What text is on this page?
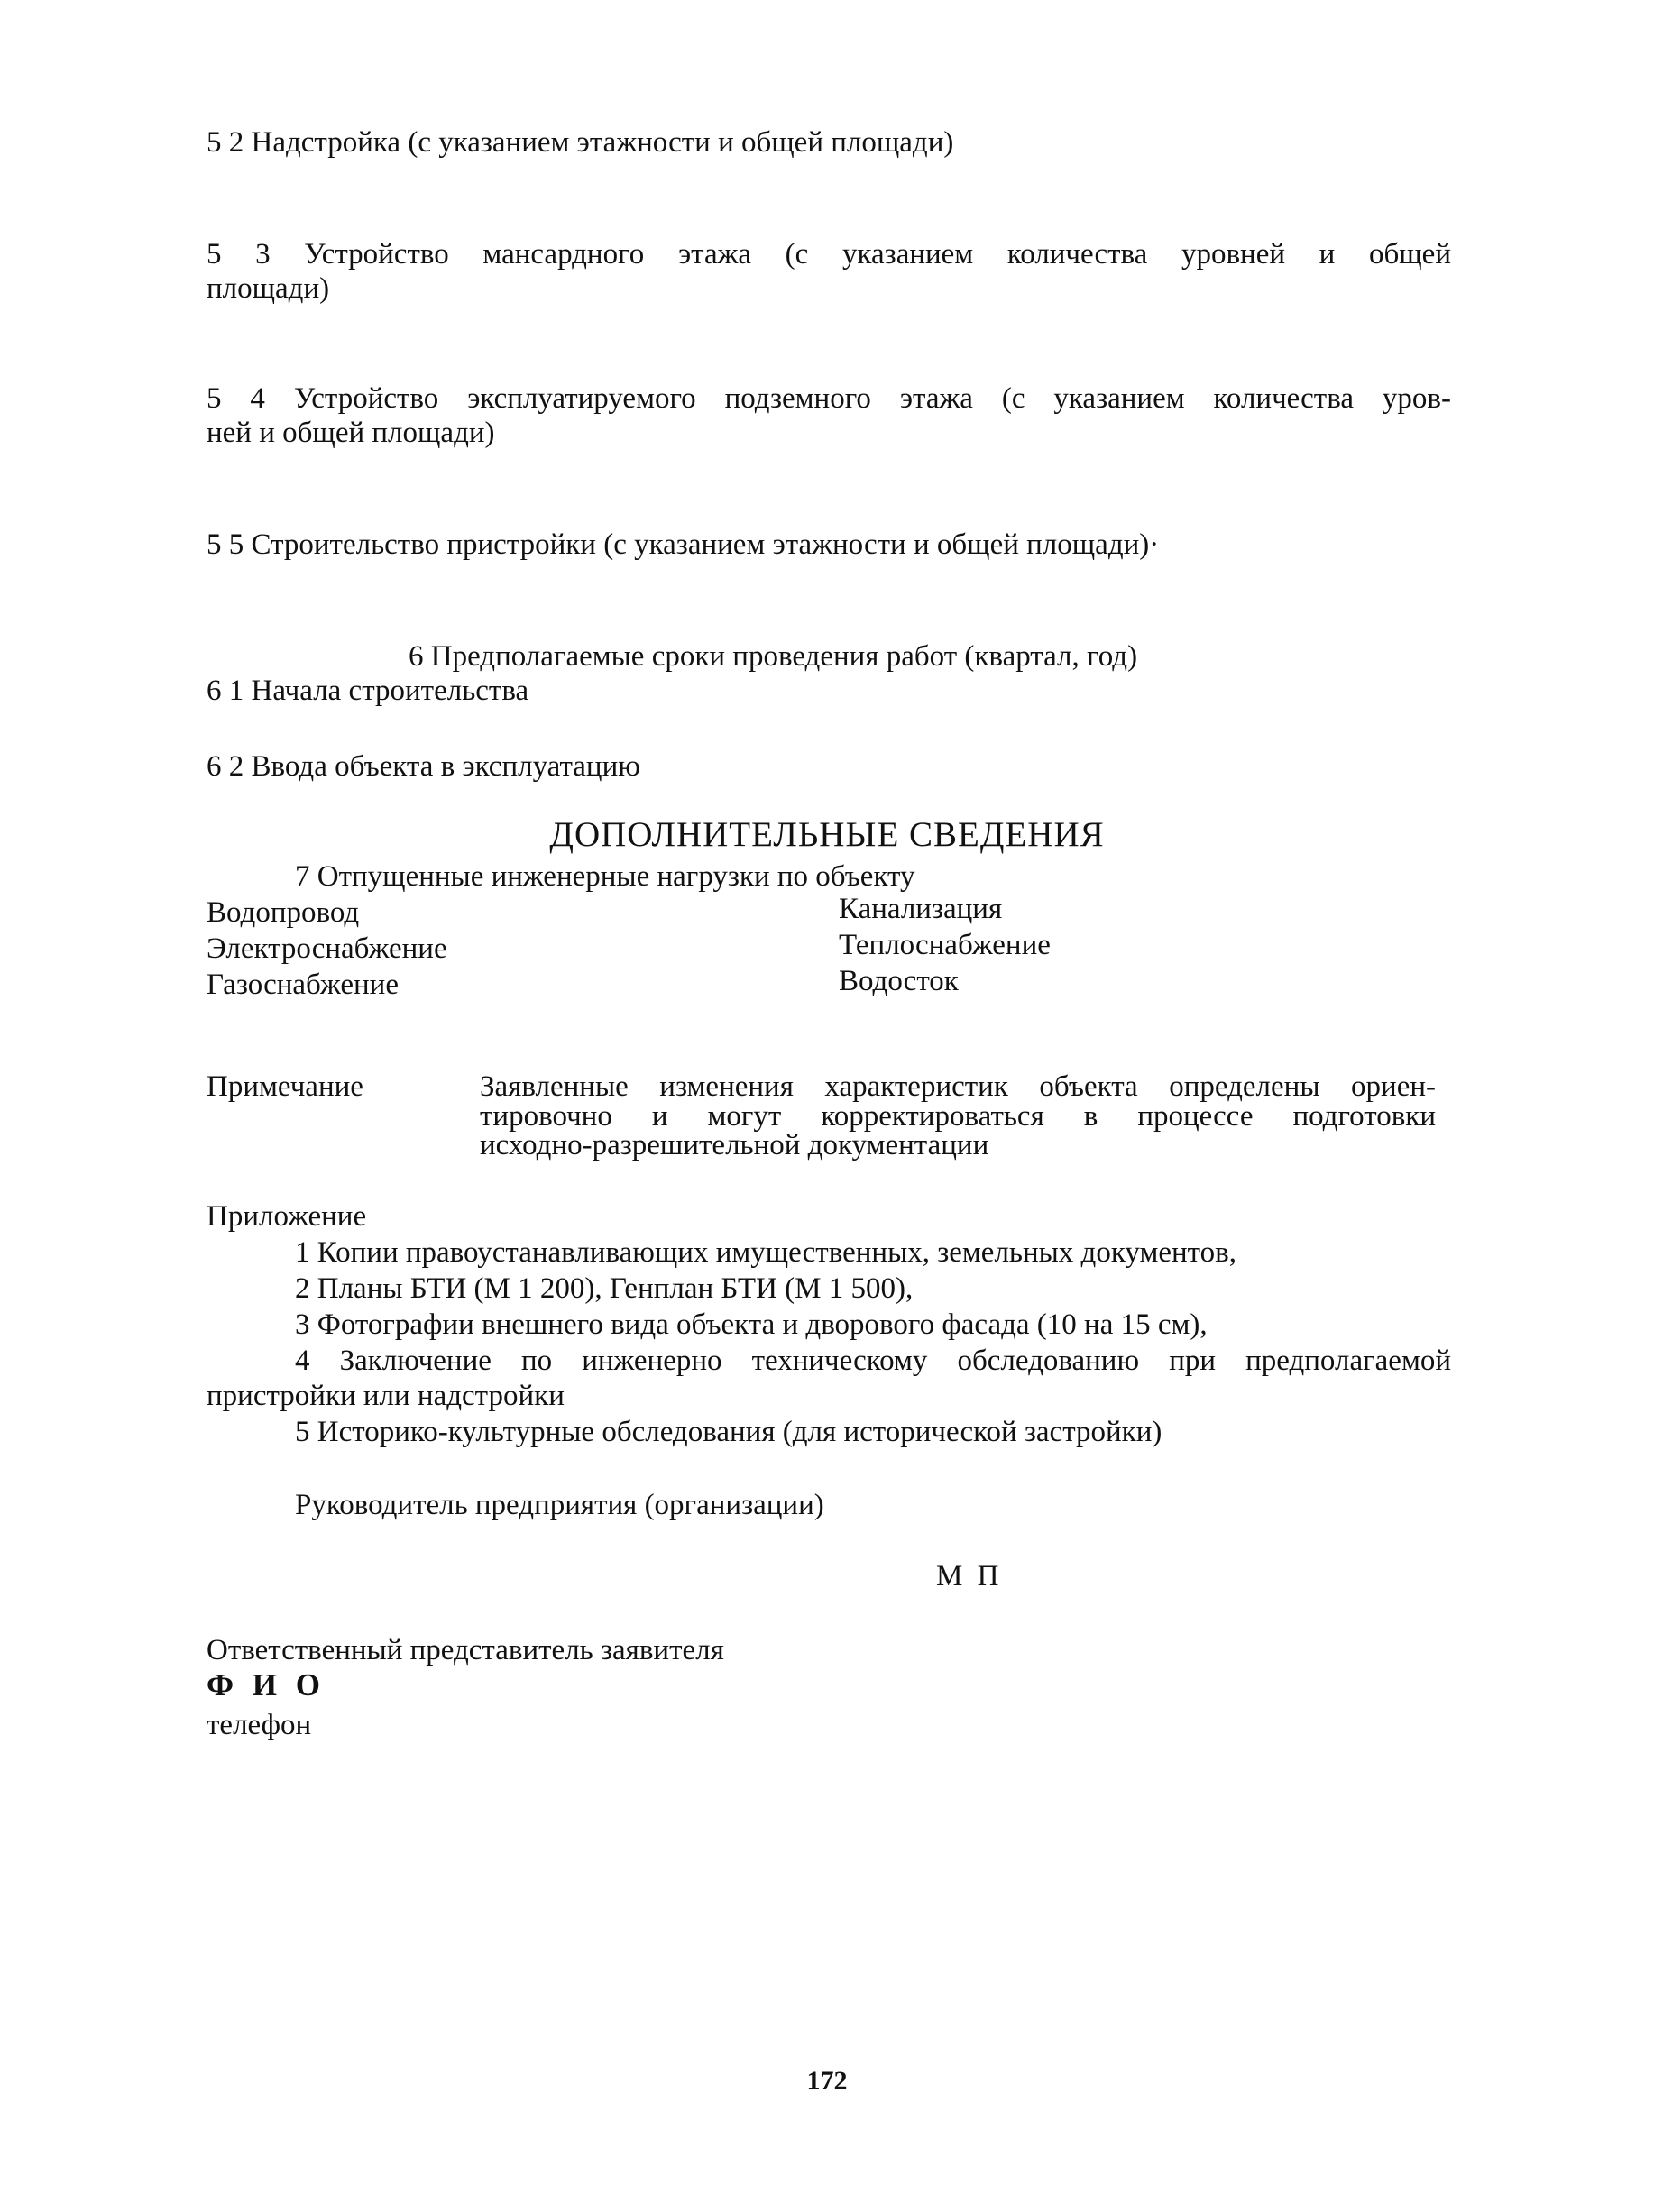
5 2 Надстройка (с указанием этажности и общей площади)
5 3 Устройство мансардного этажа (с указанием количества уровней и общей
площади)
5 4 Устройство эксплуатируемого подземного этажа (с указанием количества уров-
ней и общей площади)
5 5 Строительство пристройки (с указанием этажности и общей площади)·
6 Предполагаемые сроки проведения работ (квартал, год)
6 1 Начала строительства
6 2 Ввода объекта в эксплуатацию
ДОПОЛНИТЕЛЬНЫЕ СВЕДЕНИЯ
7 Отпущенные инженерные нагрузки по объекту
Водопровод
Электроснабжение
Газоснабжение
Канализация
Теплоснабжение
Водосток
Примечание	Заявленные изменения характеристик объекта определены ориен-
тировочно и могут корректироваться в процессе подготовки
исходно-разрешительной документации
Приложение
1 Копии правоустанавливающих имущественных, земельных документов,
2 Планы БТИ (М 1 200), Генплан БТИ (М 1 500),
3 Фотографии внешнего вида объекта и дворового фасада (10 на 15 см),
4 Заключение по инженерно техническому обследованию при предполагаемой
пристройки или надстройки
5 Историко-культурные обследования (для исторической застройки)
Руководитель предприятия (организации)
М П
Ответственный представитель заявителя
Ф И О
телефон
172
